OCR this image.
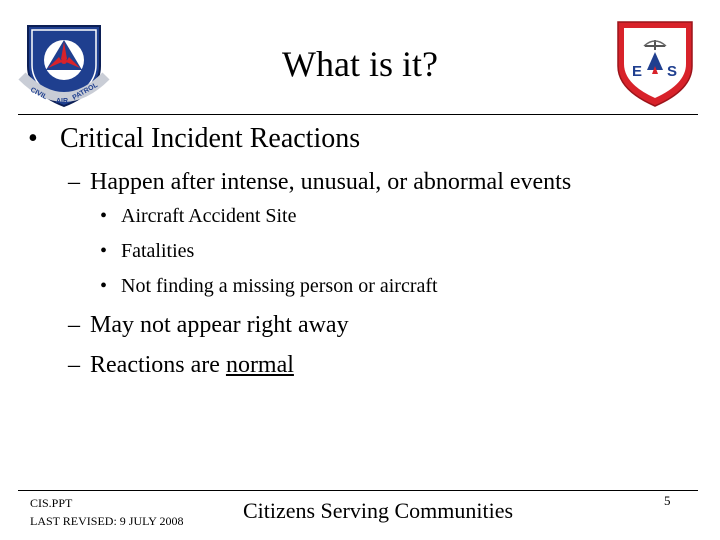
CIVIL
AIR PATROL
What is it?	E S
• Critical Incident Reactions
– Happen after intense, unusual, or abnormal events
• Aircraft Accident Site
• Fatalities
• Not finding a missing person or aircraft
– May not appear right away
– Reactions are normal
CIS.PPT
LAST REVISED: 9 JULY 2008	Citizens Serving Communities	5
